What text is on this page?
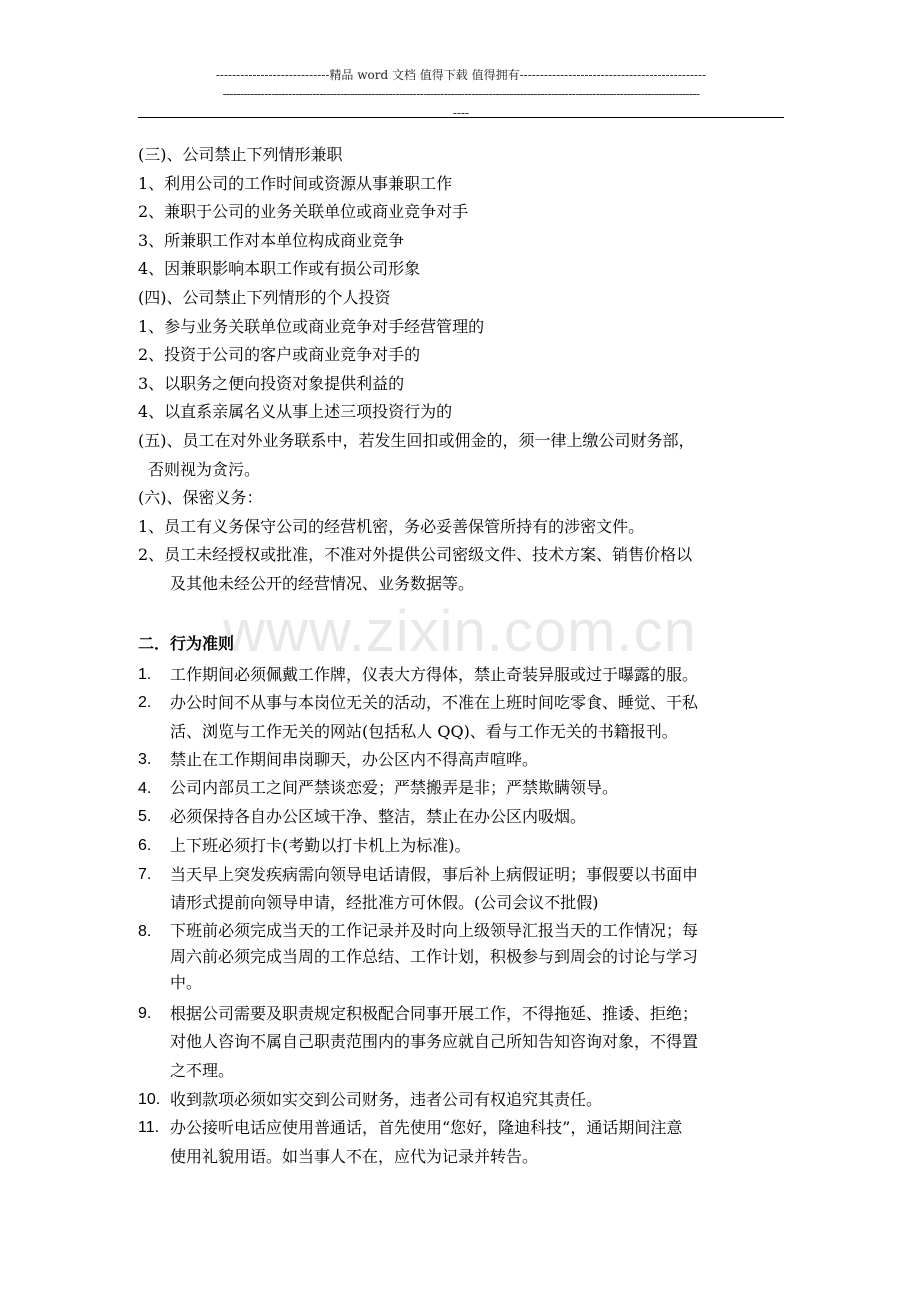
----------------------------精品 word 文档 值得下载 值得拥有----------------------------------------------
------------------------------------------------------------------------------------------------------------------------------------------
----
www.zixin.com.cn
(三)、公司禁止下列情形兼职
1、利用公司的工作时间或资源从事兼职工作
2、兼职于公司的业务关联单位或商业竞争对手
3、所兼职工作对本单位构成商业竞争
4、因兼职影响本职工作或有损公司形象
(四)、公司禁止下列情形的个人投资
1、参与业务关联单位或商业竞争对手经营管理的
2、投资于公司的客户或商业竞争对手的
3、以职务之便向投资对象提供利益的
4、以直系亲属名义从事上述三项投资行为的
(五)、员工在对外业务联系中，若发生回扣或佣金的，须一律上缴公司财务部，
否则视为贪污。
(六)、保密义务：
1、员工有义务保守公司的经营机密，务必妥善保管所持有的涉密文件。
2、员工未经授权或批准，不准对外提供公司密级文件、技术方案、销售价格以
及其他未经公开的经营情况、业务数据等。
二．行为准则
1.	工作期间必须佩戴工作牌，仪表大方得体，禁止奇装异服或过于曝露的服。
2.	办公时间不从事与本岗位无关的活动，不准在上班时间吃零食、睡觉、干私
活、浏览与工作无关的网站(包括私人 QQ)、看与工作无关的书籍报刊。
3.	禁止在工作期间串岗聊天，办公区内不得高声喧哗。
4.	公司内部员工之间严禁谈恋爱；严禁搬弄是非；严禁欺瞒领导。
5.	必须保持各自办公区域干净、整洁，禁止在办公区内吸烟。
6.	上下班必须打卡(考勤以打卡机上为标准)。
7.	当天早上突发疾病需向领导电话请假，事后补上病假证明；事假要以书面申
请形式提前向领导申请，经批准方可休假。(公司会议不批假)
8.	下班前必须完成当天的工作记录并及时向上级领导汇报当天的工作情况；每
周六前必须完成当周的工作总结、工作计划，积极参与到周会的讨论与学习
中。
9.	根据公司需要及职责规定积极配合同事开展工作，不得拖延、推诿、拒绝；
对他人咨询不属自己职责范围内的事务应就自己所知告知咨询对象，不得置
之不理。
10. 收到款项必须如实交到公司财务，违者公司有权追究其责任。
11. 办公接听电话应使用普通话，首先使用“您好，隆迪科技”，通话期间注意
使用礼貌用语。如当事人不在，应代为记录并转告。
